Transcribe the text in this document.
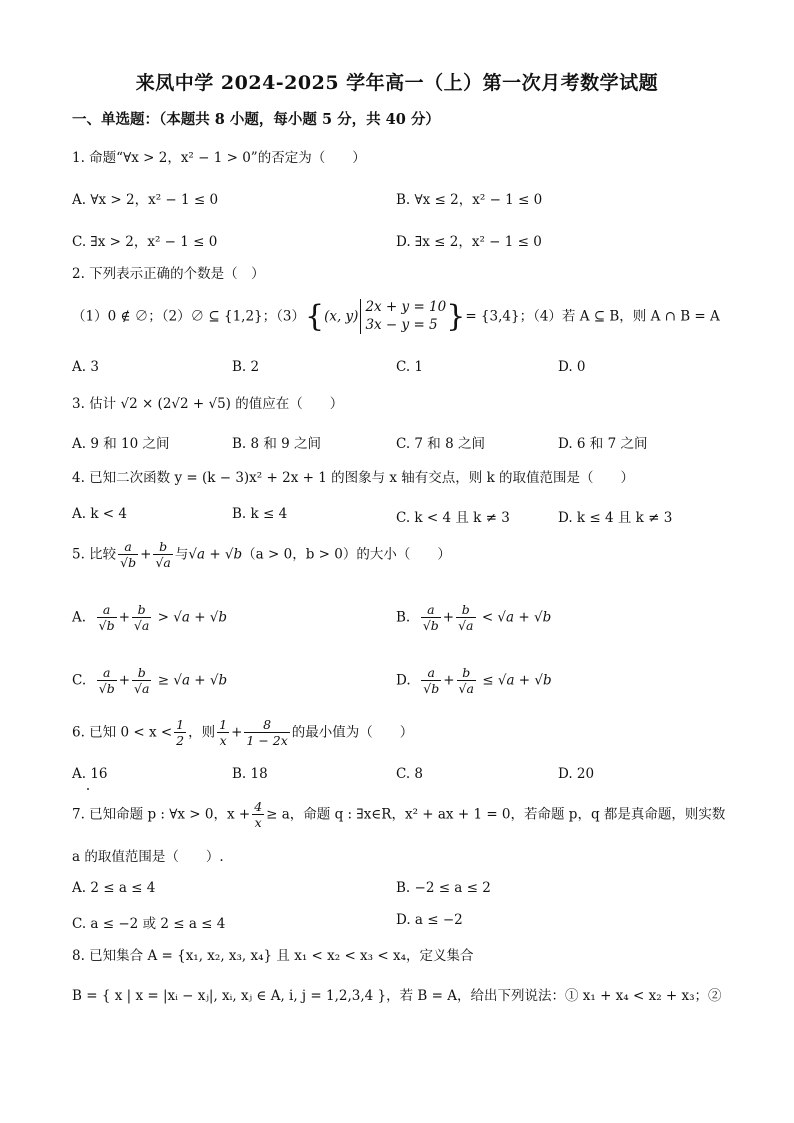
来凤中学 2024-2025 学年高一（上）第一次月考数学试题
一、单选题：（本题共 8 小题，每小题 5 分，共 40 分）
1. 命题“∀x > 2，x² − 1 > 0”的否定为（　　）
A. ∀x > 2，x² − 1 ≤ 0	B. ∀x ≤ 2，x² − 1 ≤ 0
C. ∃x > 2，x² − 1 ≤ 0	D. ∃x ≤ 2，x² − 1 ≤ 0
2. 下列表示正确的个数是（　）
（1）0 ∉ ∅；（2）∅ ⊆ {1,2}；（3）{(x, y)
2x + y = 10
3x − y = 5 }= {3,4}；（4）若 A ⊆ B，则 A ∩ B = A
A. 3	B. 2	C. 1	D. 0
3. 估计 √2 × (2√2 + √5) 的值应在（　　）
A. 9 和 10 之间	B. 8 和 9 之间	C. 7 和 8 之间	D. 6 和 7 之间
4. 已知二次函数 y = (k − 3)x² + 2x + 1 的图象与 x 轴有交点，则 k 的取值范围是（　　）
A. k < 4	B. k ≤ 4	C. k < 4 且 k ≠ 3	D. k ≤ 4 且 k ≠ 3
5. 比较 $\frac{a}{√b} + \frac{b}{√a}$ 与√a + √b（a > 0，b > 0）的大小（　　）
A. $\frac{a}{√b} + \frac{b}{√a} > √a + √b$	B. $\frac{a}{√b} + \frac{b}{√a} < √a + √b$
C. $\frac{a}{√b} + \frac{b}{√a} \ge √a + √b$	D. $\frac{a}{√b} + \frac{b}{√a} \le √a + √b$
6. 已知 $0 < x < \frac{1}{2}$ ，则 $\frac{1}{x} + \frac{8}{1 - 2x}$ 的最小值为（　　）
A. 16	B. 18	C. 8	D. 20
7. 已知命题 p : ∀x > 0，$x + \frac{4}{x} \ge a$，命题 q : ∃x∈R，x² + ax + 1 = 0，若命题 p，q 都是真命题，则实数
a 的取值范围是（　　）.
A. 2 ≤ a ≤ 4	B. −2 ≤ a ≤ 2
C. a ≤ −2 或 2 ≤ a ≤ 4	D. a ≤ −2
8. 已知集合 A = {x₁, x₂, x₃, x₄} 且 x₁ < x₂ < x₃ < x₄，定义集合
B = { x | x = |xᵢ − xⱼ|, xᵢ, xⱼ ∈ A, i, j = 1,2,3,4 }，若 B = A，给出下列说法：① x₁ + x₄ < x₂ + x₃；②
